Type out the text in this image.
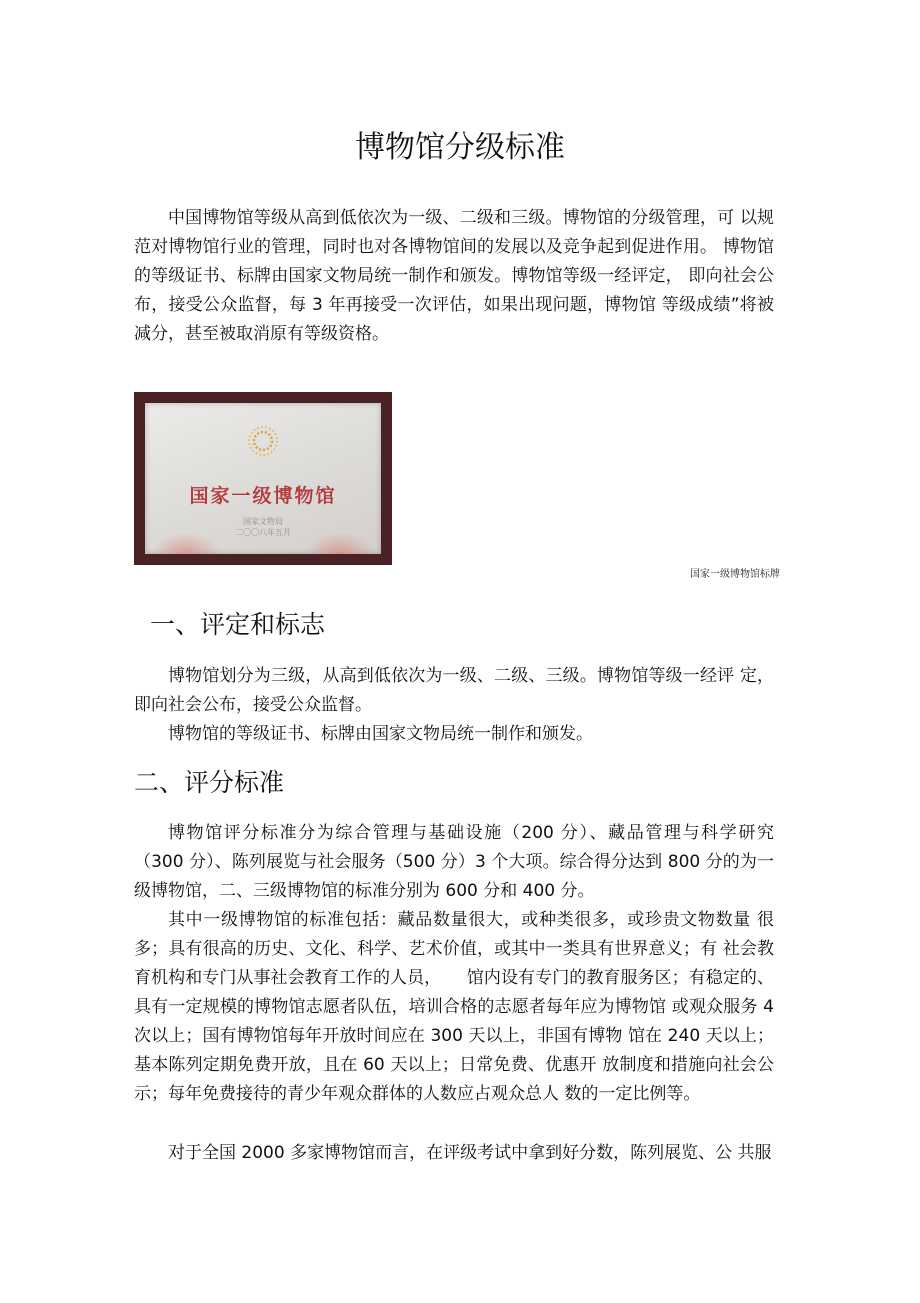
博物馆分级标准

中国博物馆等级从高到低依次为一级、二级和三级。博物馆的分级管理，可 以规范对博物馆行业的管理，同时也对各博物馆间的发展以及竞争起到促进作用。 博物馆的等级证书、标牌由国家文物局统一制作和颁发。博物馆等级一经评定， 即向社会公布，接受公众监督，每 3 年再接受一次评估，如果出现问题，博物馆 等级成绩”将被减分，甚至被取消原有等级资格。

国家一级博物馆
国家文物局
二〇〇八年五月
国家一级博物馆标牌
一、评定和标志

博物馆划分为三级，从高到低依次为一级、二级、三级。博物馆等级一经评 定，即向社会公布，接受公众监督。

博物馆的等级证书、标牌由国家文物局统一制作和颁发。

二、评分标准

博物馆评分标准分为综合管理与基础设施（200 分）、藏品管理与科学研究 （300 分）、陈列展览与社会服务（500 分）3 个大项。综合得分达到 800 分的为一 级博物馆，二、三级博物馆的标准分别为 600 分和 400 分。

其中一级博物馆的标准包括：藏品数量很大，或种类很多，或珍贵文物数量 很多；具有很高的历史、文化、科学、艺术价值，或其中一类具有世界意义；有 社会教育机构和专门从事社会教育工作的人员，　　馆内设有专门的教育服务区；有稳定的、具有一定规模的博物馆志愿者队伍，培训合格的志愿者每年应为博物馆 或观众服务 4 次以上；国有博物馆每年开放时间应在 300 天以上，非国有博物 馆在 240 天以上；基本陈列定期免费开放，且在 60 天以上；日常免费、优惠开 放制度和措施向社会公示；每年免费接待的青少年观众群体的人数应占观众总人 数的一定比例等。

对于全国 2000 多家博物馆而言，在评级考试中拿到好分数，陈列展览、公 共服
